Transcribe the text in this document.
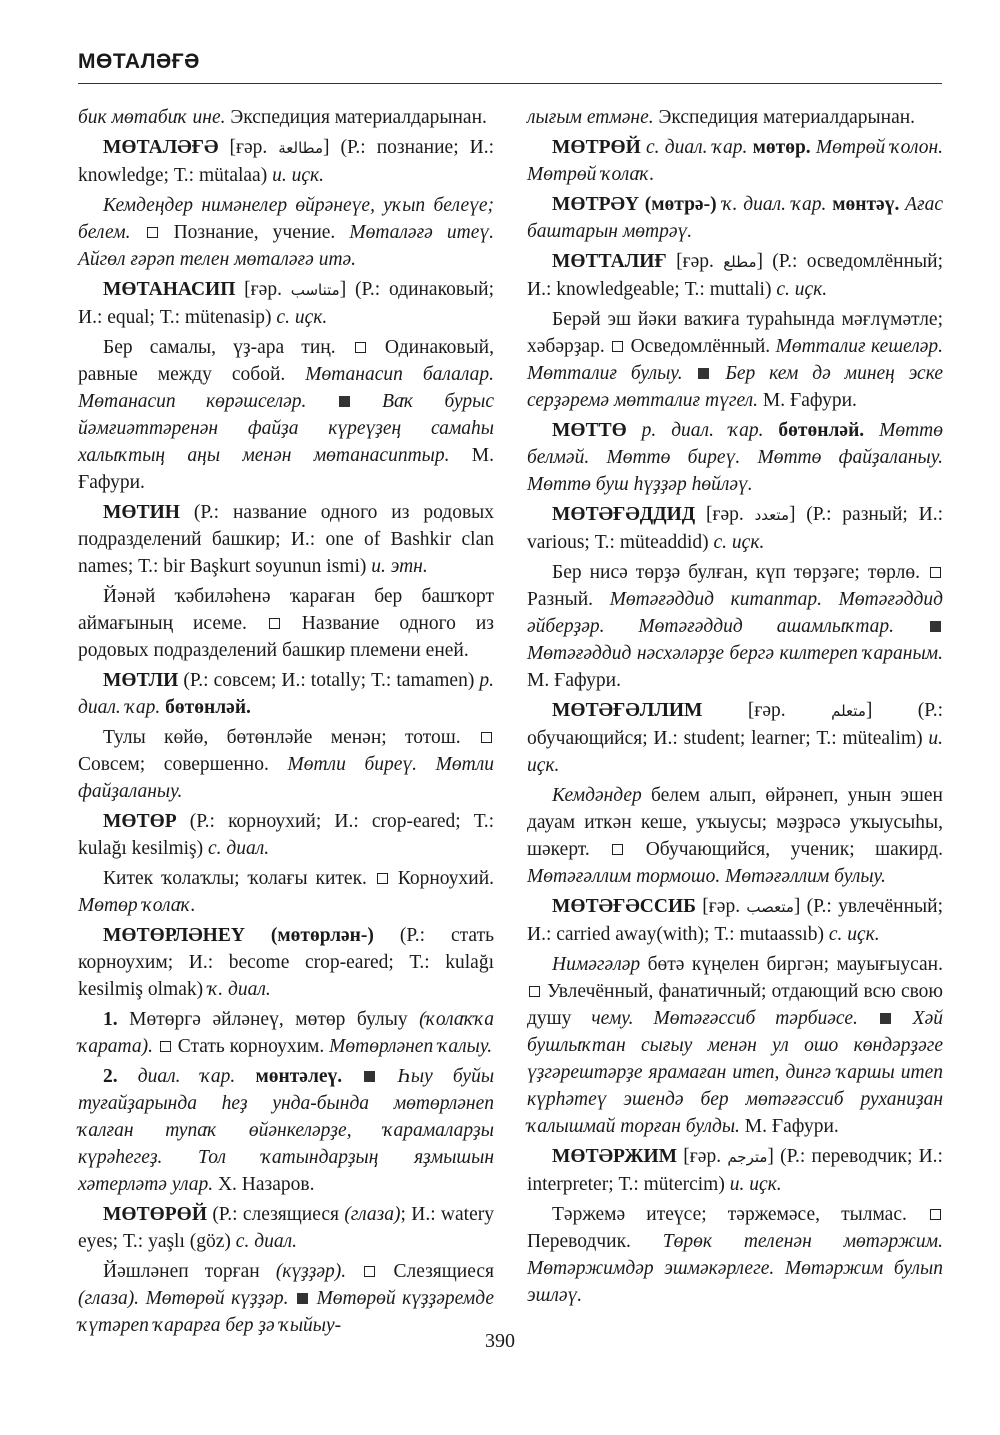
МӨТАЛӘҒӘ

бик мөтабиҡ ине. Экспедиция материалдарынан.

МӨТАЛӘҒӘ [ғәр. مطالعة] (Р.: познание; И.: knowledge; Т.: mütalaa) и. иҫк.

Кемдеңдер нимәнелер өйрәнеүе, уҡып белеүе; белем.  Познание, учение. Мөталәғә итеү. Айгөл ғәрәп телен мөталәғә итә.

МӨТАНАСИП [ғәр. متناسب] (Р.: одинаковый; И.: equal; Т.: mütenasip) с. иҫк.

Бер самалы, үҙ-ара тиң.  Одинаковый, равные между собой. Мөтанасип балалар. Мөтанасип көрәшселәр.	Ваҡ бурыс йәмғиәттәренән файҙа күреүҙең самаһы халыҡтың аңы менән мөтанасиптыр. М. Ғафури.

МӨТИН (Р.: название одного из родовых подразделений башкир; И.: one of Bashkir clan names; Т.: bir Başkurt soyunun ismi) и. этн.

Йәнәй ҡәбиләһенә ҡараған бер башҡорт аймағының исеме.  Название одного из родовых подразделений башкир племени еней.

МӨТЛИ (Р.: совсем; И.: totally; Т.: tamamen) р. диал. ҡар. бөтөнләй.

Тулы көйө, бөтөнләйе менән; тотош.  Совсем; совершенно. Мөтли биреү. Мөтли файҙаланыу.

МӨТӨР (Р.: корноухий; И.: crop-eared; Т.: kulağı kesilmiş) с. диал.

Китек ҡолаҡлы; ҡолағы китек.  Корноухий. Мөтөр ҡолаҡ.

МӨТӨРЛӘНЕҮ (мөтөрлән-) (Р.: стать корноухим; И.: become crop-eared; Т.: kulağı kesilmiş olmak) ҡ. диал.

1. Мөтөргә әйләнеү, мөтөр булыу (ҡолаҡҡа ҡарата).  Стать корноухим. Мөтөрләнеп ҡалыу.

2. диал. ҡар. мөнтәлеү.	Һыу буйы туғайҙарында һеҙ унда-бында мөтөрләнеп ҡалған тупаҡ өйәнкеләрҙе, ҡарамаларҙы күрәһегеҙ. Тол ҡатындарҙың яҙмышын хәтерләтә улар. Х. Назаров.

МӨТӨРӨЙ (Р.: слезящиеся (глаза); И.: watery eyes; Т.: yaşlı (göz) с. диал.

Йәшләнеп торған (күҙҙәр).  Слезящиеся (глаза). Мөтөрөй күҙҙәр. Мөтөрөй күҙҙәремде ҡүтәреп ҡарарға бер ҙә ҡыйыу-

лығым етмәне. Экспедиция материалдарынан.

МӨТРӨЙ с. диал. ҡар. мөтөр. Мөтрөй ҡолон. Мөтрөй ҡолаҡ.

МӨТРӘҮ (мөтрә-) ҡ. диал. ҡар. мөнтәү. Ағас баштарын мөтрәү.

МӨТТАЛИҒ [ғәр. مطلع] (Р.: осведомлённый; И.: knowledgeable; Т.: muttali) с. иҫк.

Берәй эш йәки ваҡиға тураһында мәғлүмәтле; хәбәрҙар.  Осведомлённый. Мөтталиғ кешеләр. Мөтталиғ булыу. Бер кем дә минең эске серҙәремә мөтталиғ түгел. М. Ғафури.

МӨТТӨ р. диал. ҡар. бөтөнләй. Мөттө белмәй. Мөттө биреү. Мөттө файҙаланыу. Мөттө буш һүҙҙәр һөйләү.

МӨТӘҒӘДДИД [ғәр. متعدد] (Р.: разный; И.: various; Т.: müteaddid) с. иҫк.

Бер нисә төрҙә булған, күп төрҙәге; төрлө.  Разный. Мөтәғәддид китаптар. Мөтәғәддид әйберҙәр. Мөтәғәддид ашамлыҡтар.  Мөтәғәддид нәсхәләрҙе бергә килтереп ҡараным. М. Ғафури.

МӨТӘҒӘЛЛИМ [ғәр. متعلم] (Р.: обучающийся; И.: student; learner; Т.: mütealim) и. иҫк.

Кемдәндер белем алып, өйрәнеп, унын эшен дауам иткән кеше, уҡыусы; мәҙрәсә уҡыусыһы, шәкерт.  Обучающийся, ученик; шакирд. Мөтәғәллим тормошо. Мөтәғәллим булыу.

МӨТӘҒӘССИБ [ғәр. متعصب] (Р.: увлечённый; И.: carried away(with); Т.: mutaassıb) с. иҫк.

Нимәгәләр бөтә күңелен биргән; мауығыусан.  Увлечённый, фанатичный; отдающий всю свою душу чему. Мөтәғәссиб тәрбиәсе.	Хәй бушлыҡтан сығыу менән ул ошо көндәрҙәге үҙгәрештәрҙе ярамаған итеп, дингә ҡаршы итеп күрһәтеү эшендә бер мөтәғәссиб руханиҙан ҡалышмай торған булды. М. Ғафури.

МӨТӘРЖИМ [ғәр. مترجم] (Р.: переводчик; И.: interpreter; Т.: mütercim) и. иҫк.

Тәржемә итеүсе; тәржемәсе, тылмас.  Переводчик. Төрөк теленән мөтәржим. Мөтәржимдәр эшмәкәрлеге. Мөтәржим булып эшләү.

390
